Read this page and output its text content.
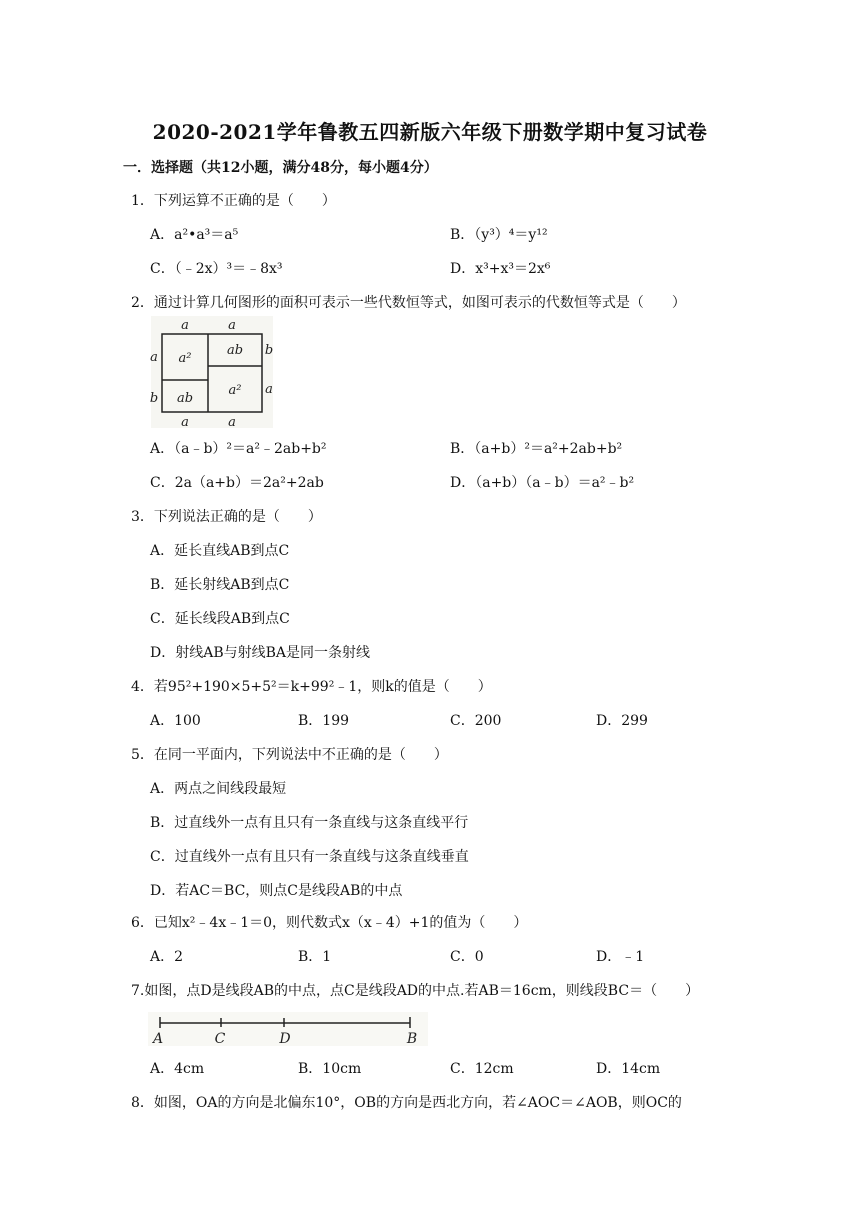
2020-2021学年鲁教五四新版六年级下册数学期中复习试卷
一．选择题（共12小题，满分48分，每小题4分）
1．下列运算不正确的是（　　）
A．a²•a³＝a⁵	B．（y³）⁴＝y¹²
C．（﹣2x）³＝﹣8x³	D．x³+x³＝2x⁶
2．通过计算几何图形的面积可表示一些代数恒等式，如图可表示的代数恒等式是（　　）
a	a
a
b
b
a
a	a
a²
ab
ab
a²
A．（a﹣b）²＝a²﹣2ab+b²	B．（a+b）²＝a²+2ab+b²
C．2a（a+b）＝2a²+2ab	D．（a+b）（a﹣b）＝a²﹣b²
3．下列说法正确的是（　　）
A．延长直线AB到点C
B．延长射线AB到点C
C．延长线段AB到点C
D．射线AB与射线BA是同一条射线
4．若95²+190×5+5²＝k+99²﹣1，则k的值是（　　）
A．100	B．199	C．200	D．299
5．在同一平面内，下列说法中不正确的是（　　）
A．两点之间线段最短
B．过直线外一点有且只有一条直线与这条直线平行
C．过直线外一点有且只有一条直线与这条直线垂直
D．若AC＝BC，则点C是线段AB的中点
6．已知x²﹣4x﹣1＝0，则代数式x（x﹣4）+1的值为（　　）
A．2	B．1	C．0	D．﹣1
7.如图，点D是线段AB的中点，点C是线段AD的中点.若AB＝16cm，则线段BC＝（　　）
A	C	D	B
A．4cm	B．10cm	C．12cm	D．14cm
8．如图，OA的方向是北偏东10°，OB的方向是西北方向，若∠AOC＝∠AOB，则OC的
